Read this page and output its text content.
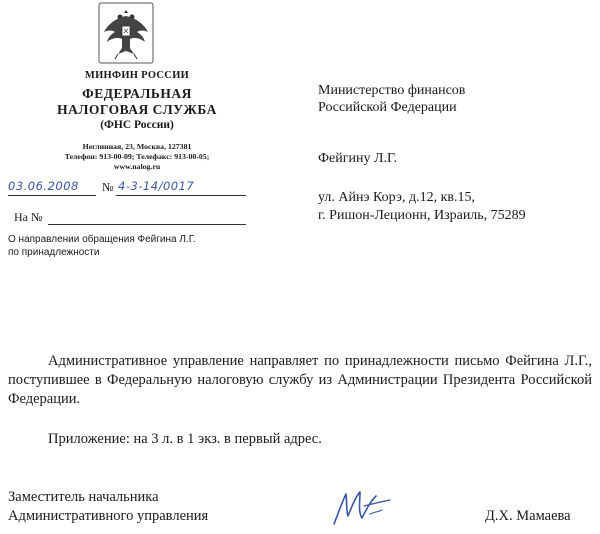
МИНФИН РОССИИ
ФЕДЕРАЛЬНАЯ
НАЛОГОВАЯ СЛУЖБА
(ФНС России)
Неглинная, 23, Москва, 127381
Телефон: 913-00-09; Телефакс: 913-00-05;
www.nalog.ru
03.06.2008 № 4-3-14/0017
На №
О направлении обращения Фейгина Л.Г.
по принадлежности
Министерство финансов
Российской Федерации
Фейгину Л.Г.
ул. Айнэ Корэ, д.12, кв.15,
г. Ришон-Леционн, Израиль, 75289
Административное управление направляет по принадлежности письмо Фейгина Л.Г., поступившее в Федеральную налоговую службу из Администрации Президента Российской Федерации.
Приложение: на 3 л. в 1 экз. в первый адрес.
Заместитель начальника
Административного управления	Д.Х. Мамаева
